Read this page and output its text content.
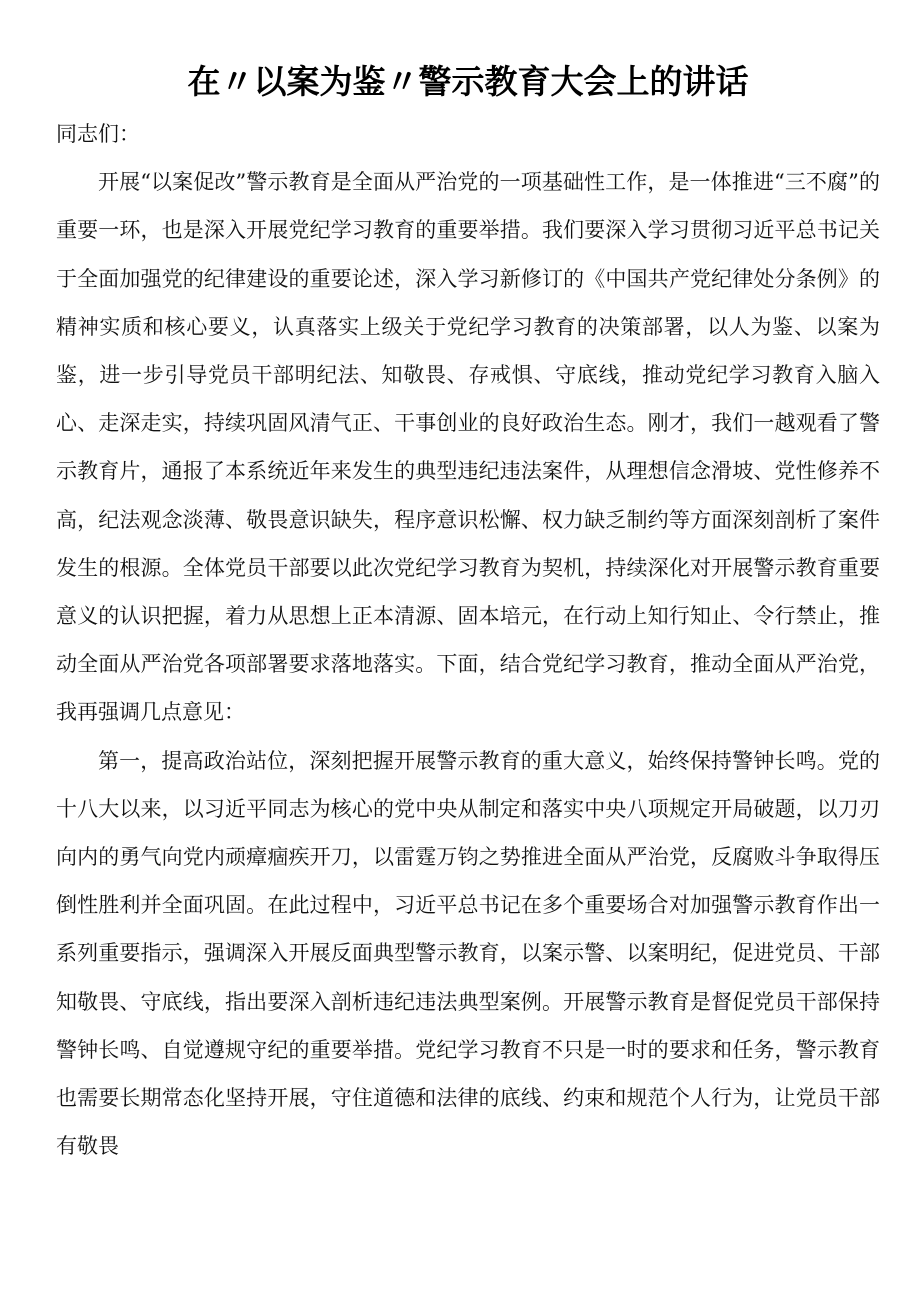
在〃以案为鉴〃警示教育大会上的讲话

同志们：

开展“以案促改”警示教育是全面从严治党的一项基础性工作，是一体推进“三不腐”的重要一环，也是深入开展党纪学习教育的重要举措。我们要深入学习贯彻习近平总书记关于全面加强党的纪律建设的重要论述，深入学习新修订的《中国共产党纪律处分条例》的精神实质和核心要义，认真落实上级关于党纪学习教育的决策部署，以人为鉴、以案为鉴，进一步引导党员干部明纪法、知敬畏、存戒惧、守底线，推动党纪学习教育入脑入心、走深走实，持续巩固风清气正、干事创业的良好政治生态。刚才，我们一越观看了警示教育片，通报了本系统近年来发生的典型违纪违法案件，从理想信念滑坡、党性修养不高，纪法观念淡薄、敬畏意识缺失，程序意识松懈、权力缺乏制约等方面深刻剖析了案件发生的根源。全体党员干部要以此次党纪学习教育为契机，持续深化对开展警示教育重要意义的认识把握，着力从思想上正本清源、固本培元，在行动上知行知止、令行禁止，推动全面从严治党各项部署要求落地落实。下面，结合党纪学习教育，推动全面从严治党，我再强调几点意见：

第一，提高政治站位，深刻把握开展警示教育的重大意义，始终保持警钟长鸣。党的十八大以来，以习近平同志为核心的党中央从制定和落实中央八项规定开局破题，以刀刃向内的勇气向党内顽瘴痼疾开刀，以雷霆万钧之势推进全面从严治党，反腐败斗争取得压倒性胜利并全面巩固。在此过程中，习近平总书记在多个重要场合对加强警示教育作出一系列重要指示，强调深入开展反面典型警示教育，以案示警、以案明纪，促进党员、干部知敬畏、守底线，指出要深入剖析违纪违法典型案例。开展警示教育是督促党员干部保持警钟长鸣、自觉遵规守纪的重要举措。党纪学习教育不只是一时的要求和任务，警示教育也需要长期常态化坚持开展，守住道德和法律的底线、约束和规范个人行为，让党员干部有敬畏
